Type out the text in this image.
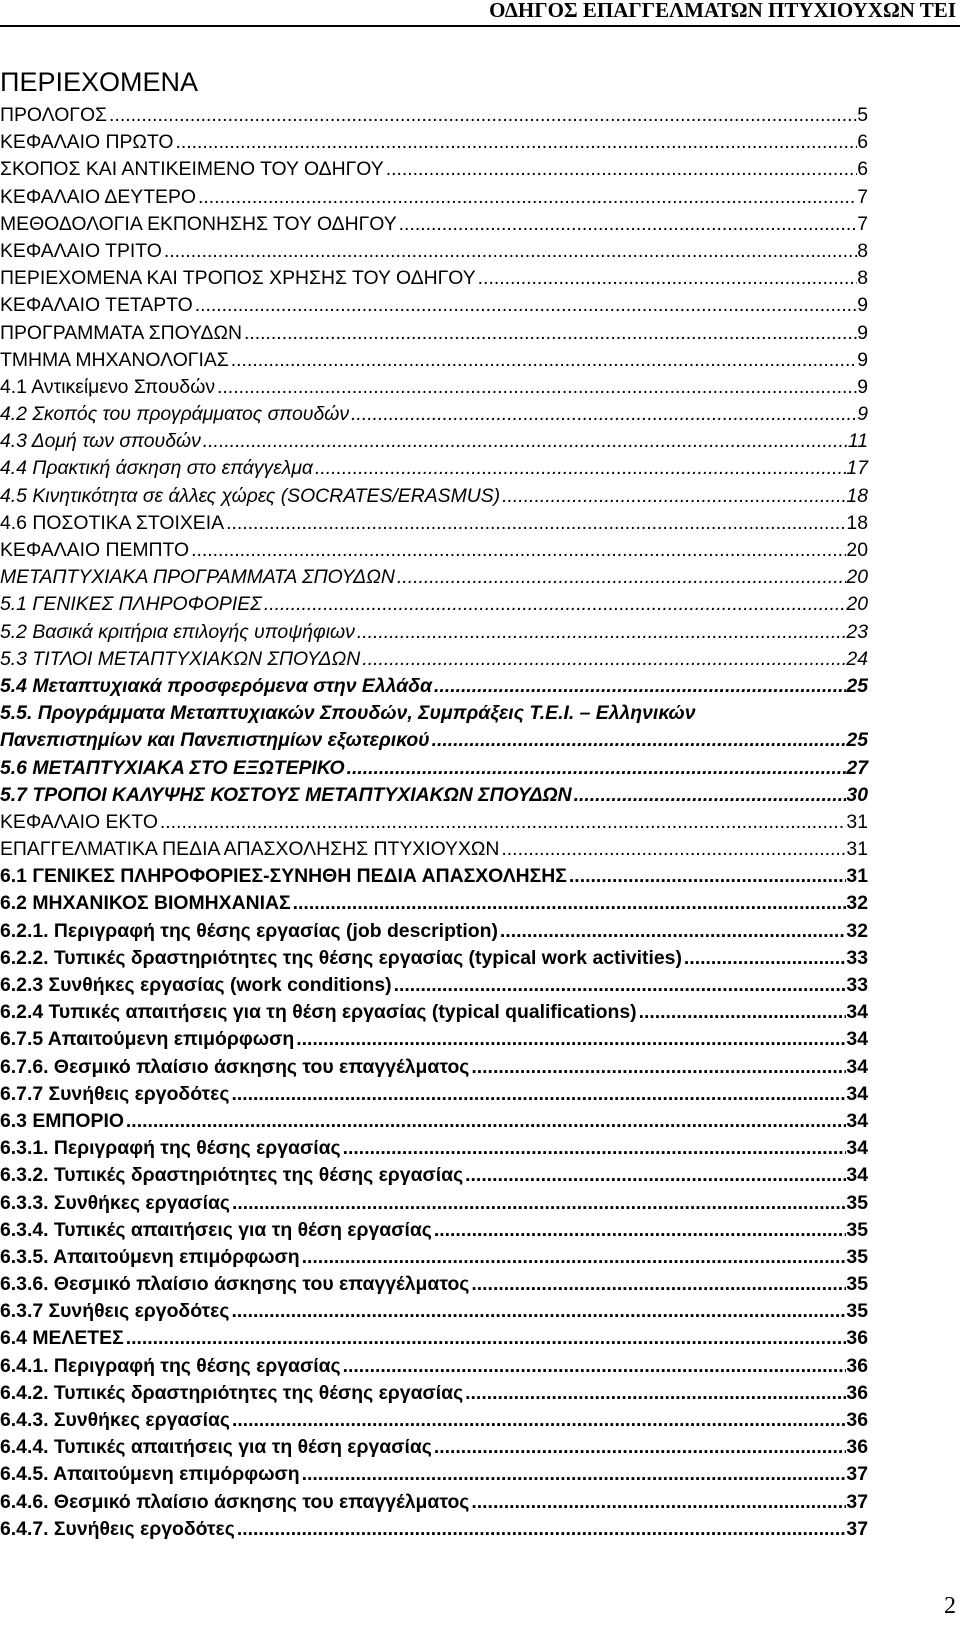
ΟΔΗΓΟΣ ΕΠΑΓΓΕΛΜΑΤΩΝ ΠΤΥΧΙΟΥΧΩΝ ΤΕΙ
ΠΕΡΙΕΧΟΜΕΝΑ
ΠΡΟΛΟΓΟΣ .....	5
ΚΕΦΑΛΑΙΟ ΠΡΩΤΟ .....	6
ΣΚΟΠΟΣ ΚΑΙ ΑΝΤΙΚΕΙΜΕΝΟ ΤΟΥ ΟΔΗΓΟΥ .....	6
ΚΕΦΑΛΑΙΟ ΔΕΥΤΕΡΟ .....	7
ΜΕΘΟΔΟΛΟΓΙΑ ΕΚΠΟΝΗΣΗΣ ΤΟΥ ΟΔΗΓΟΥ .....	7
ΚΕΦΑΛΑΙΟ ΤΡΙΤΟ .....	8
ΠΕΡΙΕΧΟΜΕΝΑ ΚΑΙ ΤΡΟΠΟΣ ΧΡΗΣΗΣ ΤΟΥ ΟΔΗΓΟΥ .....	8
ΚΕΦΑΛΑΙΟ ΤΕΤΑΡΤΟ .....	9
ΠΡΟΓΡΑΜΜΑΤΑ ΣΠΟΥΔΩΝ .....	9
ΤΜΗΜΑ ΜΗΧΑΝΟΛΟΓΙΑΣ .....	9
4.1 Αντικείμενο Σπουδών .....	9
4.2 Σκοπός του προγράμματος σπουδών .....	9
4.3 Δομή των σπουδών .....	11
4.4 Πρακτική άσκηση στο επάγγελμα .....	17
4.5 Κινητικότητα σε άλλες χώρες (SOCRATES/ERASMUS) .....	18
4.6 ΠΟΣΟΤΙΚΑ ΣΤΟΙΧΕΙΑ .....	18
ΚΕΦΑΛΑΙΟ ΠΕΜΠΤΟ .....	20
ΜΕΤΑΠΤΥΧΙΑΚΑ ΠΡΟΓΡΑΜΜΑΤΑ ΣΠΟΥΔΩΝ .....	20
5.1 ΓΕΝΙΚΕΣ ΠΛΗΡΟΦΟΡΙΕΣ .....	20
5.2 Βασικά κριτήρια επιλογής υποψήφιων .....	23
5.3 ΤΙΤΛΟΙ ΜΕΤΑΠΤΥΧΙΑΚΩΝ ΣΠΟΥΔΩΝ .....	24
5.4 Μεταπτυχιακά προσφερόμενα στην Ελλάδα .....	25
5.5. Προγράμματα Μεταπτυχιακών Σπουδών, Συμπράξεις Τ.Ε.Ι. – Ελληνικών
Πανεπιστημίων και Πανεπιστημίων εξωτερικού .....	25
5.6 ΜΕΤΑΠΤΥΧΙΑΚΑ ΣΤΟ ΕΞΩΤΕΡΙΚΟ .....	27
5.7 ΤΡΟΠΟΙ ΚΑΛΥΨΗΣ ΚΟΣΤΟΥΣ ΜΕΤΑΠΤΥΧΙΑΚΩΝ ΣΠΟΥΔΩΝ .....	30
ΚΕΦΑΛΑΙΟ ΕΚΤΟ .....	31
ΕΠΑΓΓΕΛΜΑΤΙΚΑ ΠΕΔΙΑ ΑΠΑΣΧΟΛΗΣΗΣ ΠΤΥΧΙΟΥΧΩΝ .....	31
6.1 ΓΕΝΙΚΕΣ ΠΛΗΡΟΦΟΡΙΕΣ-ΣΥΝΗΘΗ ΠΕΔΙΑ ΑΠΑΣΧΟΛΗΣΗΣ .....	31
6.2 ΜΗΧΑΝΙΚΟΣ ΒΙΟΜΗΧΑΝΙΑΣ .....	32
6.2.1. Περιγραφή της θέσης εργασίας (job description) .....	32
6.2.2. Τυπικές δραστηριότητες της θέσης εργασίας (typical work activities) .....	33
6.2.3 Συνθήκες εργασίας (work conditions) .....	33
6.2.4 Τυπικές απαιτήσεις για τη θέση εργασίας (typical qualifications) .....	34
6.7.5 Απαιτούμενη επιμόρφωση .....	34
6.7.6. Θεσμικό πλαίσιο άσκησης του επαγγέλματος .....	34
6.7.7 Συνήθεις εργοδότες .....	34
6.3 ΕΜΠΟΡΙΟ .....	34
6.3.1. Περιγραφή της θέσης εργασίας .....	34
6.3.2. Τυπικές δραστηριότητες της θέσης εργασίας .....	34
6.3.3. Συνθήκες εργασίας .....	35
6.3.4. Τυπικές απαιτήσεις για τη θέση εργασίας .....	35
6.3.5. Απαιτούμενη επιμόρφωση .....	35
6.3.6. Θεσμικό πλαίσιο άσκησης του επαγγέλματος .....	35
6.3.7 Συνήθεις εργοδότες .....	35
6.4 ΜΕΛΕΤΕΣ .....	36
6.4.1. Περιγραφή της θέσης εργασίας .....	36
6.4.2. Τυπικές δραστηριότητες της θέσης εργασίας .....	36
6.4.3. Συνθήκες εργασίας .....	36
6.4.4. Τυπικές απαιτήσεις για τη θέση εργασίας .....	36
6.4.5. Απαιτούμενη επιμόρφωση .....	37
6.4.6. Θεσμικό πλαίσιο άσκησης του επαγγέλματος .....	37
6.4.7. Συνήθεις εργοδότες .....	37
2
